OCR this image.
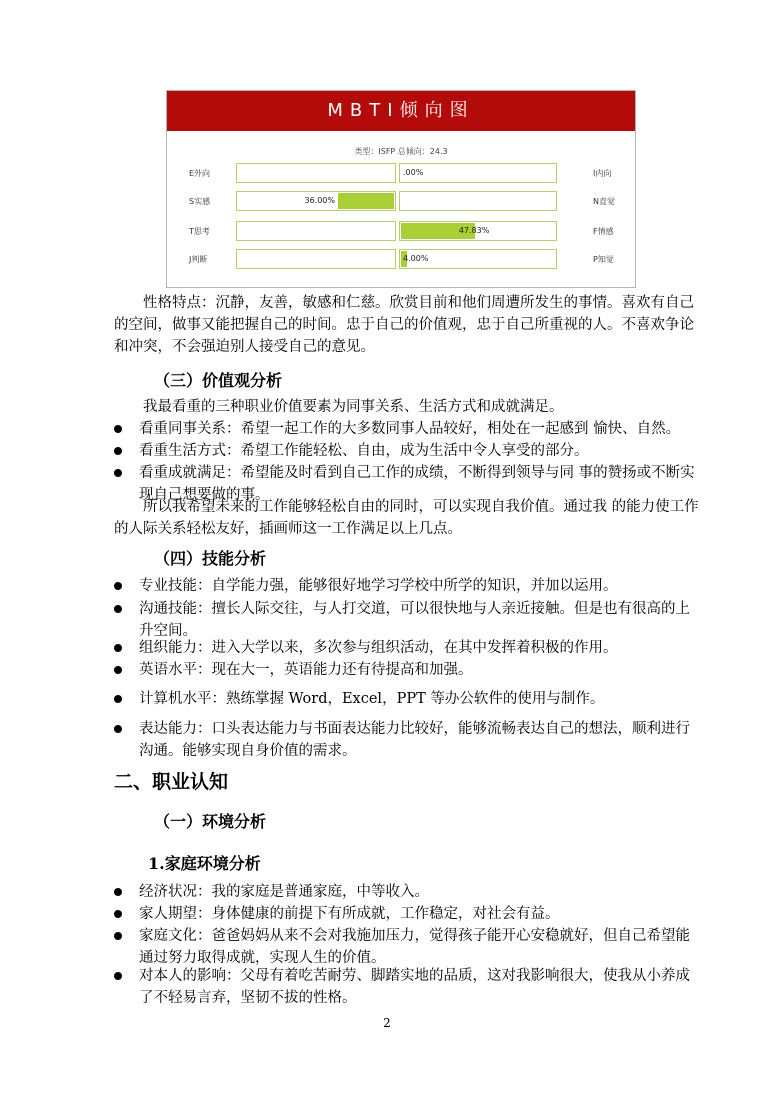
MBTI倾向图
类型：ISFP 总倾向：24.3
E外向	.00%	I内向
S实感	36.00%	N直觉
T思考	47.83%	F情感
J判断	4.00%	P知觉
性格特点：沉静，友善，敏感和仁慈。欣赏目前和他们周遭所发生的事情。喜欢有自己的空间，做事又能把握自己的时间。忠于自己的价值观，忠于自己所重视的人。不喜欢争论和冲突，不会强迫别人接受自己的意见。
（三）价值观分析
我最看重的三种职业价值要素为同事关系、生活方式和成就满足。
看重同事关系：希望一起工作的大多数同事人品较好，相处在一起感到 愉快、自然。
看重生活方式：希望工作能轻松、自由，成为生活中令人享受的部分。
看重成就满足：希望能及时看到自己工作的成绩，不断得到领导与同 事的赞扬或不断实现自己想要做的事。
所以我希望未来的工作能够轻松自由的同时，可以实现自我价值。通过我 的能力使工作的人际关系轻松友好，插画师这一工作满足以上几点。
（四）技能分析
专业技能：自学能力强，能够很好地学习学校中所学的知识，并加以运用。
沟通技能：擅长人际交往，与人打交道，可以很快地与人亲近接触。但是也有很高的上升空间。
组织能力：进入大学以来，多次参与组织活动，在其中发挥着积极的作用。
英语水平：现在大一，英语能力还有待提高和加强。
计算机水平：熟练掌握 Word，Excel，PPT 等办公软件的使用与制作。
表达能力：口头表达能力与书面表达能力比较好，能够流畅表达自己的想法，顺利进行沟通。能够实现自身价值的需求。
二、职业认知
（一）环境分析
1.家庭环境分析
经济状况：我的家庭是普通家庭，中等收入。
家人期望：身体健康的前提下有所成就，工作稳定，对社会有益。
家庭文化：爸爸妈妈从来不会对我施加压力，觉得孩子能开心安稳就好，但自己希望能通过努力取得成就，实现人生的价值。
对本人的影响：父母有着吃苦耐劳、脚踏实地的品质，这对我影响很大，使我从小养成了不轻易言弃，坚韧不拔的性格。
2
